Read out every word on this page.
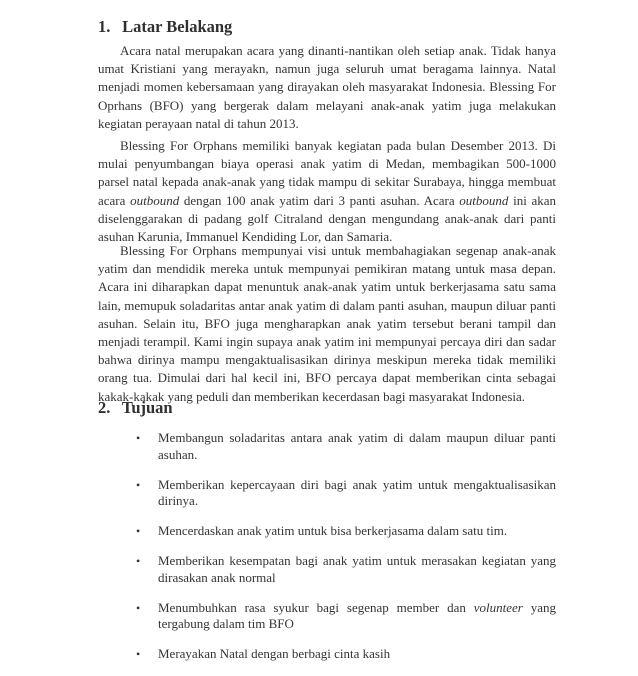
1. Latar Belakang

Acara natal merupakan acara yang dinanti-nantikan oleh setiap anak. Tidak hanya umat Kristiani yang merayakn, namun juga seluruh umat beragama lainnya. Natal menjadi momen kebersamaan yang dirayakan oleh masyarakat Indonesia. Blessing For Oprhans (BFO) yang bergerak dalam melayani anak-anak yatim juga melakukan kegiatan perayaan natal di tahun 2013.

Blessing For Orphans memiliki banyak kegiatan pada bulan Desember 2013. Di mulai penyumbangan biaya operasi anak yatim di Medan, membagikan 500-1000 parsel natal kepada anak-anak yang tidak mampu di sekitar Surabaya, hingga membuat acara outbound dengan 100 anak yatim dari 3 panti asuhan. Acara outbound ini akan diselenggarakan di padang golf Citraland dengan mengundang anak-anak dari panti asuhan Karunia, Immanuel Kendiding Lor, dan Samaria.

Blessing For Orphans mempunyai visi untuk membahagiakan segenap anak-anak yatim dan mendidik mereka untuk mempunyai pemikiran matang untuk masa depan. Acara ini diharapkan dapat menuntuk anak-anak yatim untuk berkerjasama satu sama lain, memupuk soladaritas antar anak yatim di dalam panti asuhan, maupun diluar panti asuhan. Selain itu, BFO juga mengharapkan anak yatim tersebut berani tampil dan menjadi terampil. Kami ingin supaya anak yatim ini mempunyai percaya diri dan sadar bahwa dirinya mampu mengaktualisasikan dirinya meskipun mereka tidak memiliki orang tua. Dimulai dari hal kecil ini, BFO percaya dapat memberikan cinta sebagai kakak-kakak yang peduli dan memberikan kecerdasan bagi masyarakat Indonesia.

2. Tujuan
• Membangun soladaritas antara anak yatim di dalam maupun diluar panti asuhan.
• Memberikan kepercayaan diri bagi anak yatim untuk mengaktualisasikan dirinya.
• Mencerdaskan anak yatim untuk bisa berkerjasama dalam satu tim.
• Memberikan kesempatan bagi anak yatim untuk merasakan kegiatan yang dirasakan anak normal
• Menumbuhkan rasa syukur bagi segenap member dan volunteer yang tergabung dalam tim BFO
• Merayakan Natal dengan berbagi cinta kasih
